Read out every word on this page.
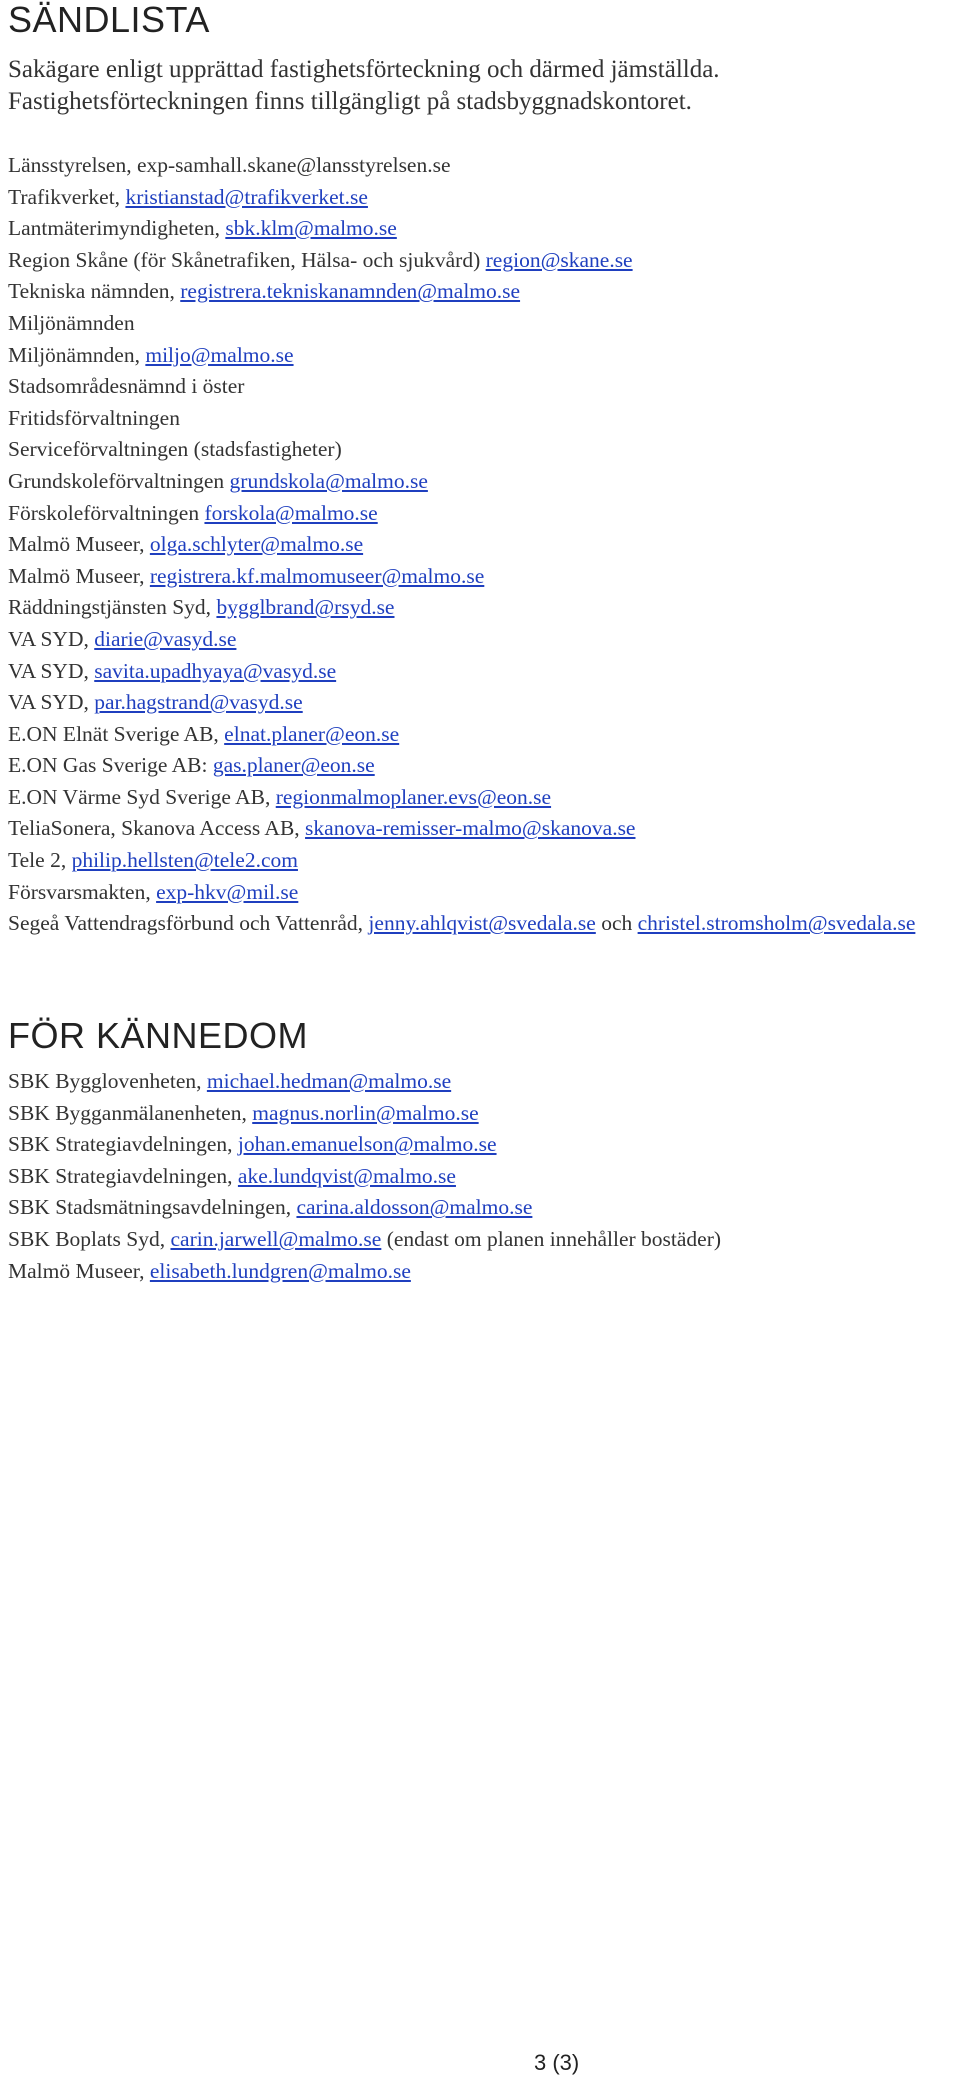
SÄNDLISTA

Sakägare enligt upprättad fastighetsförteckning och därmed jämställda. Fastighetsförteckningen finns tillgängligt på stadsbyggnadskontoret.

Länsstyrelsen, exp-samhall.skane@lansstyrelsen.se
Trafikverket, kristianstad@trafikverket.se
Lantmäterimyndigheten, sbk.klm@malmo.se
Region Skåne (för Skånetrafiken, Hälsa- och sjukvård) region@skane.se
Tekniska nämnden, registrera.tekniskanamnden@malmo.se
Miljönämnden
Miljönämnden, miljo@malmo.se
Stadsområdesnämnd i öster
Fritidsförvaltningen
Serviceförvaltningen (stadsfastigheter)
Grundskoleförvaltningen grundskola@malmo.se
Förskoleförvaltningen forskola@malmo.se
Malmö Museer, olga.schlyter@malmo.se
Malmö Museer, registrera.kf.malmomuseer@malmo.se
Räddningstjänsten Syd, bygglbrand@rsyd.se
VA SYD, diarie@vasyd.se
VA SYD, savita.upadhyaya@vasyd.se
VA SYD, par.hagstrand@vasyd.se
E.ON Elnät Sverige AB, elnat.planer@eon.se
E.ON Gas Sverige AB: gas.planer@eon.se
E.ON Värme Syd Sverige AB, regionmalmoplaner.evs@eon.se
TeliaSonera, Skanova Access AB, skanova-remisser-malmo@skanova.se
Tele 2, philip.hellsten@tele2.com
Försvarsmakten, exp-hkv@mil.se
Segeå Vattendragsförbund och Vattenråd, jenny.ahlqvist@svedala.se och christel.stromsholm@svedala.se
FÖR KÄNNEDOM
SBK Bygglovenheten, michael.hedman@malmo.se
SBK Bygganmälanenheten, magnus.norlin@malmo.se
SBK Strategiavdelningen, johan.emanuelson@malmo.se
SBK Strategiavdelningen, ake.lundqvist@malmo.se
SBK Stadsmätningsavdelningen, carina.aldosson@malmo.se
SBK Boplats Syd, carin.jarwell@malmo.se (endast om planen innehåller bostäder)
Malmö Museer, elisabeth.lundgren@malmo.se
3 (3)
